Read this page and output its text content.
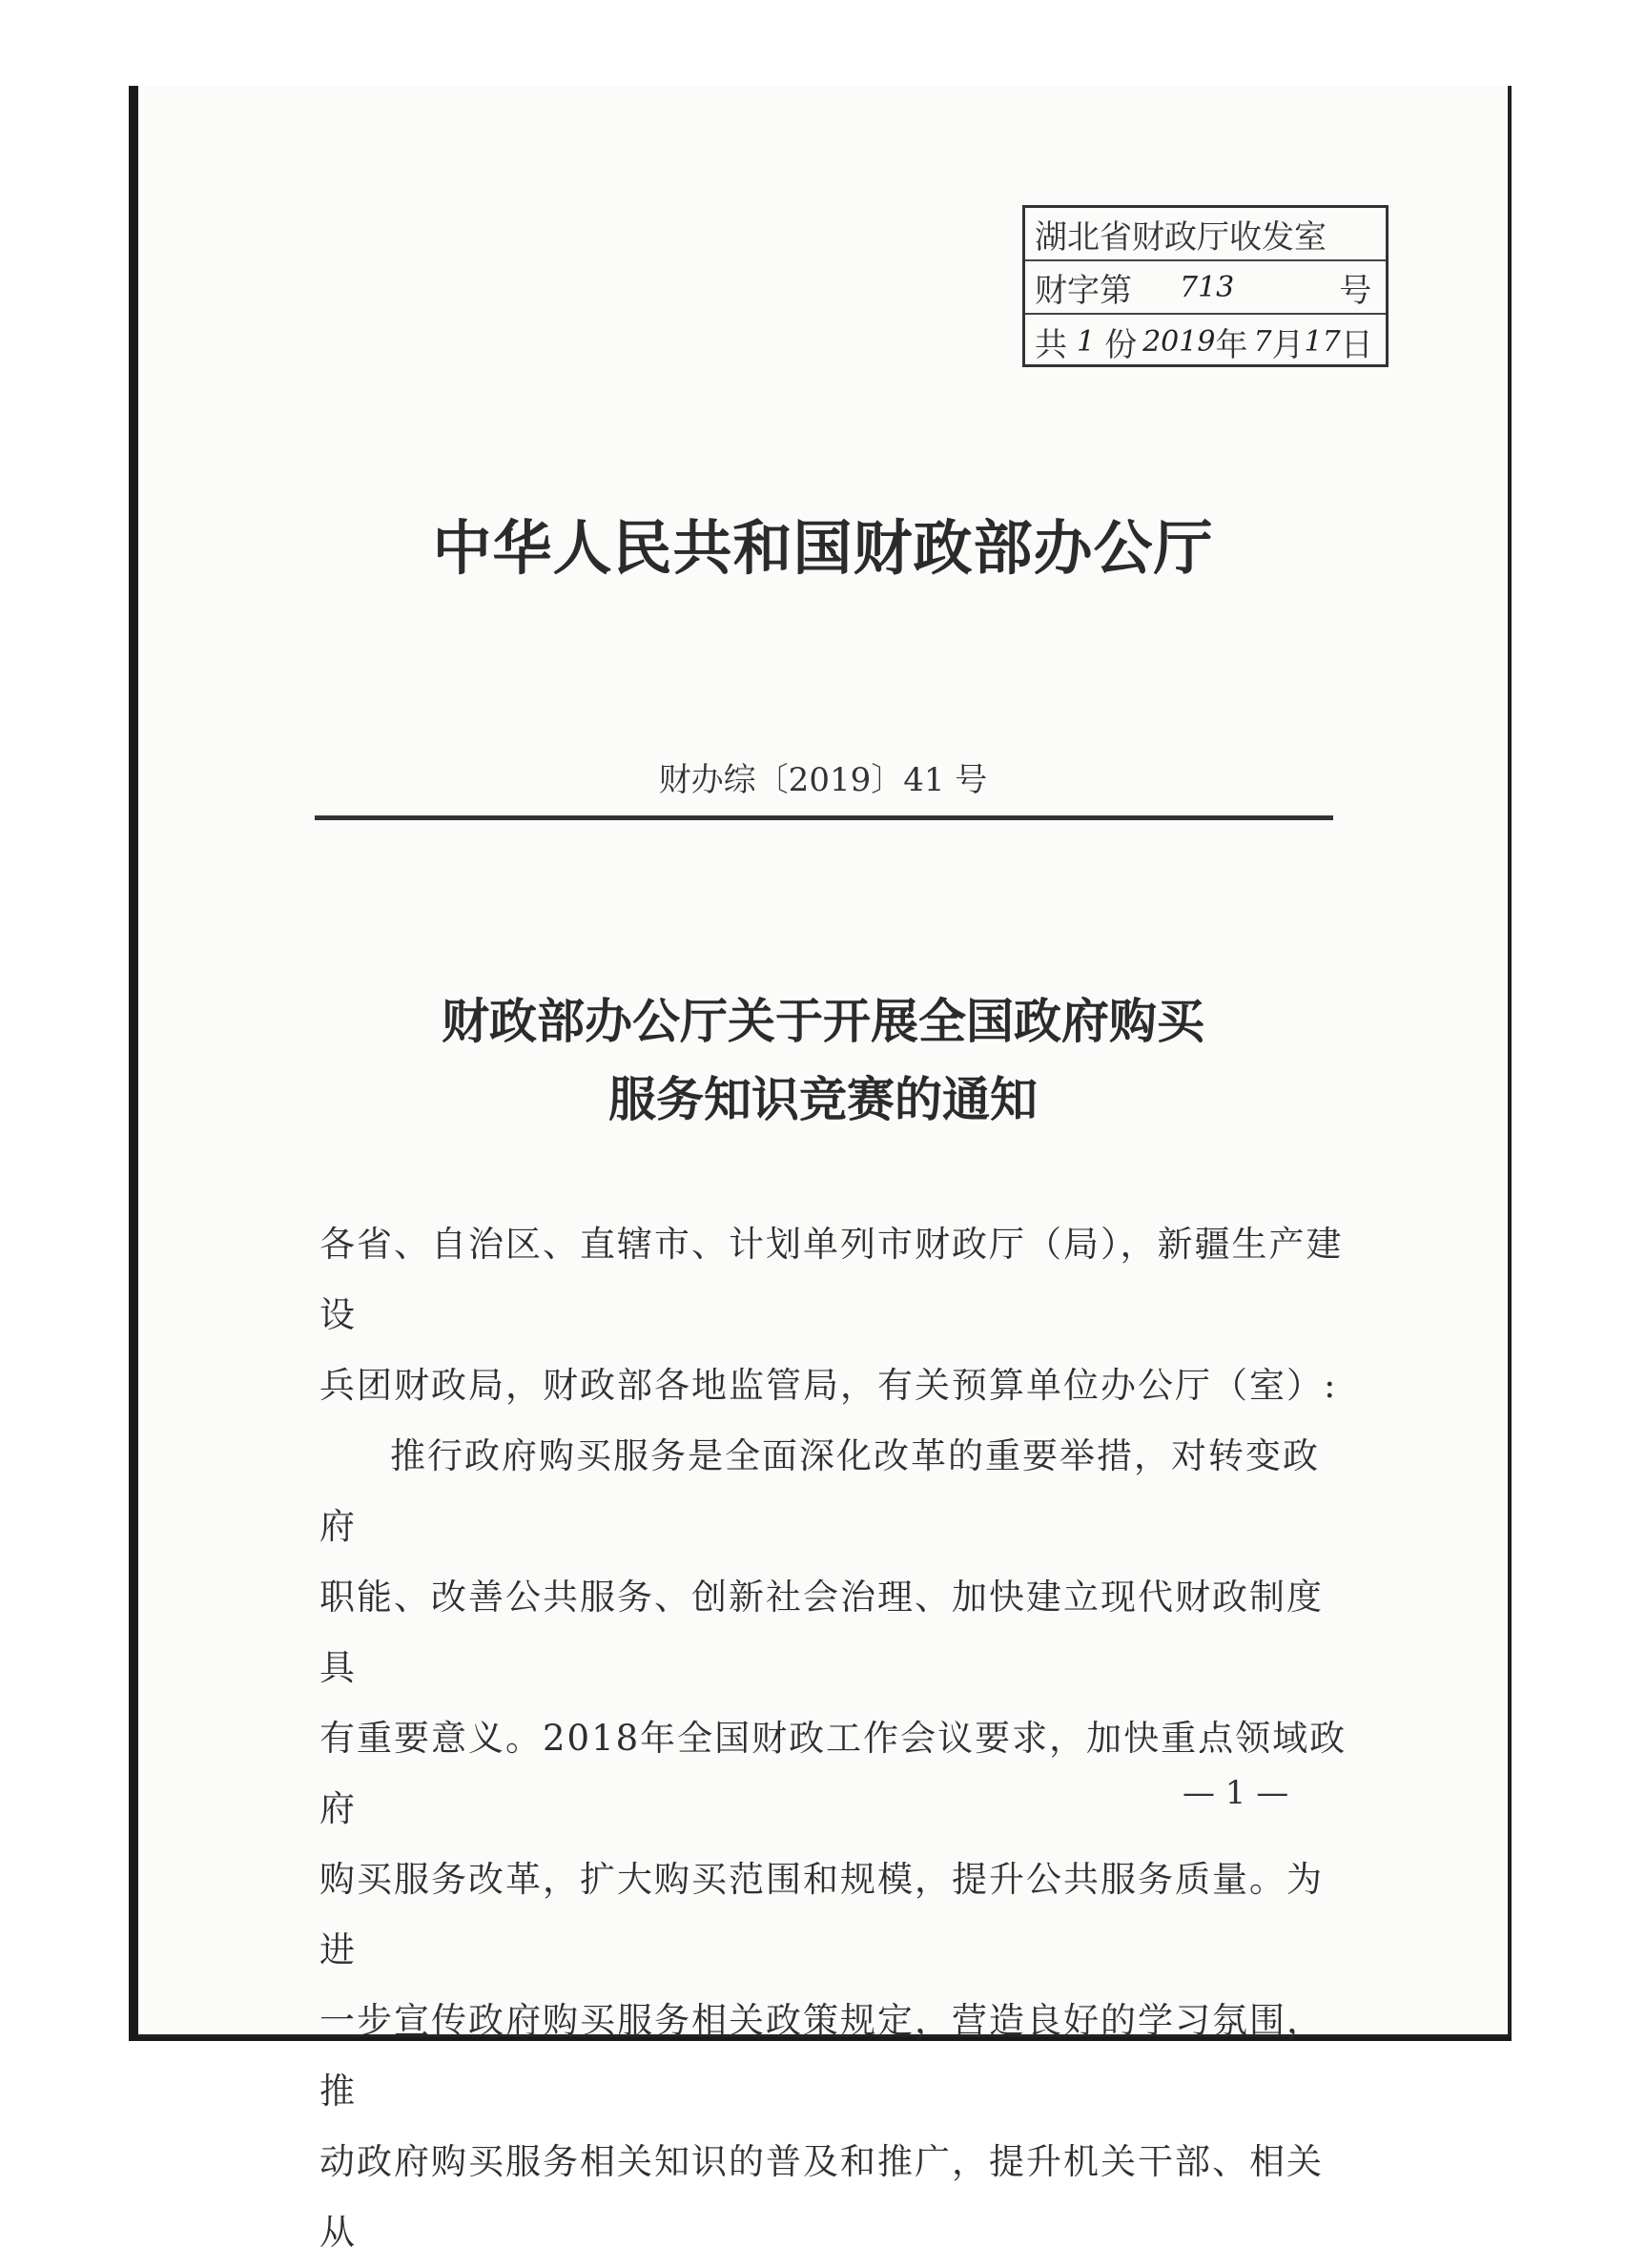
湖北省财政厅收发室
财字第 713	号
共 1 份 2019 年 7 月 17 日
中华人民共和国财政部办公厅
财办综〔2019〕41 号
财政部办公厅关于开展全国政府购买
服务知识竞赛的通知

各省、自治区、直辖市、计划单列市财政厅（局），新疆生产建设

兵团财政局，财政部各地监管局，有关预算单位办公厅（室）:

推行政府购买服务是全面深化改革的重要举措，对转变政府

职能、改善公共服务、创新社会治理、加快建立现代财政制度具

有重要意义。2018年全国财政工作会议要求，加快重点领域政府

购买服务改革，扩大购买范围和规模，提升公共服务质量。为进

一步宣传政府购买服务相关政策规定，营造良好的学习氛围，推

动政府购买服务相关知识的普及和推广，提升机关干部、相关从

— 1 —
